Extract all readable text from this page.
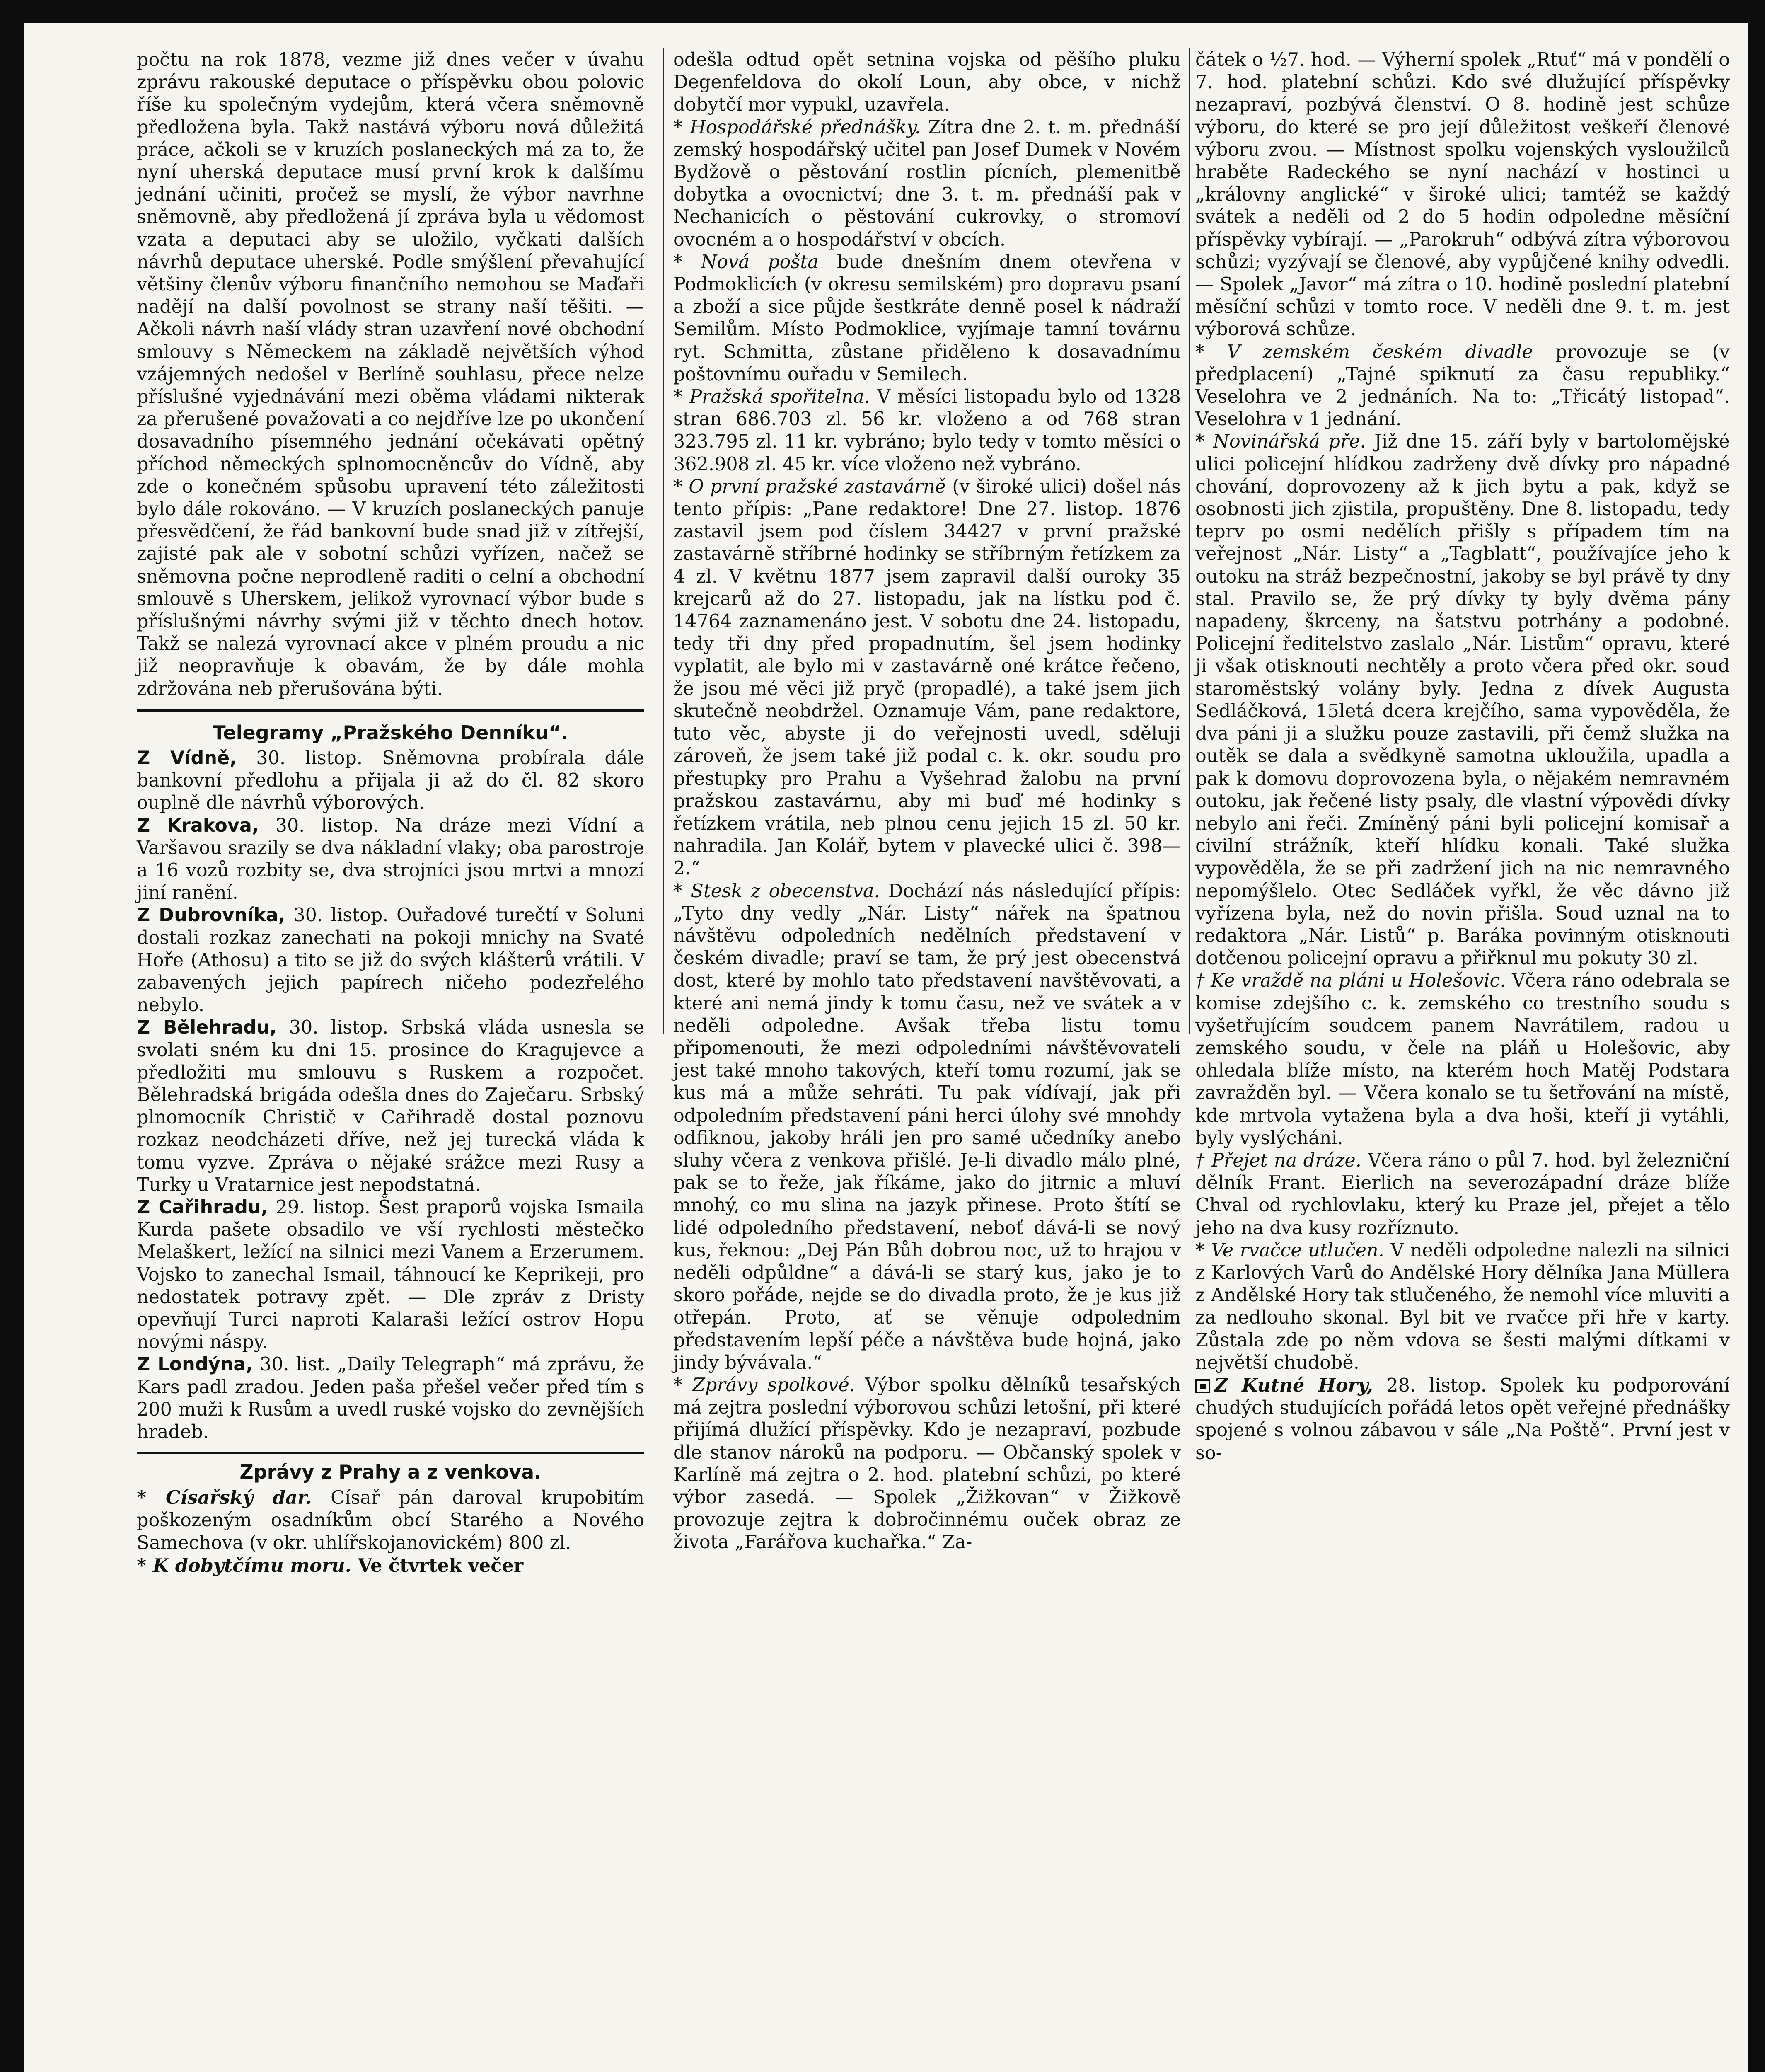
počtu na rok 1878, vezme již dnes večer v úvahu zprávu rakouské deputace o příspěvku obou polovic říše ku společným vydejům, která včera sněmovně předložena byla. Takž nastává výboru nová důležitá práce, ačkoli se v kruzích poslaneckých má za to, že nyní uherská deputace musí první krok k dalšímu jednání učiniti, pročež se myslí, že výbor navrhne sněmovně, aby předložená jí zpráva byla u vědomost vzata a deputaci aby se uložilo, vyčkati dalších návrhů deputace uherské. Podle smýšlení převahující většiny členův výboru finančního nemohou se Maďaři nadějí na další povolnost se strany naší těšiti. — Ačkoli návrh naší vlády stran uzavření nové obchodní smlouvy s Německem na základě největších výhod vzájemných nedošel v Berlíně souhlasu, přece nelze příslušné vyjednávání mezi oběma vládami nikterak za přerušené považovati a co nejdříve lze po ukončení dosavadního písemného jednání očekávati opětný příchod německých splnomocněncův do Vídně, aby zde o konečném spůsobu upravení této záležitosti bylo dále rokováno. — V kruzích poslaneckých panuje přesvědčení, že řád bankovní bude snad již v zítřejší, zajisté pak ale v sobotní schůzi vyřízen, načež se sněmovna počne neprodleně raditi o celní a obchodní smlouvě s Uherskem, jelikož vyrovnací výbor bude s příslušnými návrhy svými již v těchto dnech hotov. Takž se nalezá vyrovnací akce v plném proudu a nic již neopravňuje k obavám, že by dále mohla zdržována neb přerušována býti.

Telegramy „Pražského Denníku“.

Z Vídně, 30. listop. Sněmovna probírala dále bankovní předlohu a přijala ji až do čl. 82 skoro ouplně dle návrhů výborových.

Z Krakova, 30. listop. Na dráze mezi Vídní a Varšavou srazily se dva nákladní vlaky; oba parostroje a 16 vozů rozbity se, dva strojníci jsou mrtvi a mnozí jiní ranění.

Z Dubrovníka, 30. listop. Ouřadové turečtí v Soluni dostali rozkaz zanechati na pokoji mnichy na Svaté Hoře (Athosu) a tito se již do svých klášterů vrátili. V zabavených jejich papírech ničeho podezřelého nebylo.

Z Bělehradu, 30. listop. Srbská vláda usnesla se svolati sném ku dni 15. prosince do Kragujevce a předložiti mu smlouvu s Ruskem a rozpočet. Bělehradská brigáda odešla dnes do Zaječaru. Srbský plnomocník Christič v Cařihradě dostal poznovu rozkaz neodcházeti dříve, než jej turecká vláda k tomu vyzve. Zpráva o nějaké srážce mezi Rusy a Turky u Vratarnice jest nepodstatná.

Z Cařihradu, 29. listop. Šest praporů vojska Ismaila Kurda pašete obsadilo ve vší rychlosti městečko Melaškert, ležící na silnici mezi Vanem a Erzerumem. Vojsko to zanechal Ismail, táhnoucí ke Keprikeji, pro nedostatek potravy zpět. — Dle zpráv z Dristy opevňují Turci naproti Kalaraši ležící ostrov Hopu novými náspy.

Z Londýna, 30. list. „Daily Telegraph“ má zprávu, že Kars padl zradou. Jeden paša přešel večer před tím s 200 muži k Rusům a uvedl ruské vojsko do zevnějších hradeb.

Zprávy z Prahy a z venkova.

* Císařský dar. Císař pán daroval krupobitím poškozeným osadníkům obcí Starého a Nového Samechova (v okr. uhlířskojanovickém) 800 zl.

* K dobytčímu moru. Ve čtvrtek večer

odešla odtud opět setnina vojska od pěšího pluku Degenfeldova do okolí Loun, aby obce, v nichž dobytčí mor vypukl, uzavřela.

* Hospodářské přednášky. Zítra dne 2. t. m. přednáší zemský hospodářský učitel pan Josef Dumek v Novém Bydžově o pěstování rostlin pícních, plemenitbě dobytka a ovocnictví; dne 3. t. m. přednáší pak v Nechanicích o pěstování cukrovky, o stromoví ovocném a o hospodářství v obcích.

* Nová pošta bude dnešním dnem otevřena v Podmoklicích (v okresu semilském) pro dopravu psaní a zboží a sice půjde šestkráte denně posel k nádraží Semilům. Místo Podmoklice, vyjímaje tamní továrnu ryt. Schmitta, zůstane přiděleno k dosavadnímu poštovnímu ouřadu v Semilech.

* Pražská spořitelna. V měsíci listopadu bylo od 1328 stran 686.703 zl. 56 kr. vloženo a od 768 stran 323.795 zl. 11 kr. vybráno; bylo tedy v tomto měsíci o 362.908 zl. 45 kr. více vloženo než vybráno.

* O první pražské zastavárně (v široké ulici) došel nás tento přípis: „Pane redaktore! Dne 27. listop. 1876 zastavil jsem pod číslem 34427 v první pražské zastavárně stříbrné hodinky se stříbrným řetízkem za 4 zl. V květnu 1877 jsem zapravil další ouroky 35 krejcarů až do 27. listopadu, jak na lístku pod č. 14764 zaznamenáno jest. V sobotu dne 24. listopadu, tedy tři dny před propadnutím, šel jsem hodinky vyplatit, ale bylo mi v zastavárně oné krátce řečeno, že jsou mé věci již pryč (propadlé), a také jsem jich skutečně neobdržel. Oznamuje Vám, pane redaktore, tuto věc, abyste ji do veřejnosti uvedl, sděluji zároveň, že jsem také již podal c. k. okr. soudu pro přestupky pro Prahu a Vyšehrad žalobu na první pražskou zastavárnu, aby mi buď mé hodinky s řetízkem vrátila, neb plnou cenu jejich 15 zl. 50 kr. nahradila. Jan Kolář, bytem v plavecké ulici č. 398—2.“

* Stesk z obecenstva. Dochází nás následující přípis: „Tyto dny vedly „Nár. Listy“ nářek na špatnou návštěvu odpoledních nedělních představení v českém divadle; praví se tam, že prý jest obecenstvá dost, které by mohlo tato představení navštěvovati, a které ani nemá jindy k tomu času, než ve svátek a v neděli odpoledne. Avšak třeba listu tomu připomenouti, že mezi odpoledními návštěvovateli jest také mnoho takových, kteří tomu rozumí, jak se kus má a může sehráti. Tu pak vídívají, jak při odpoledním představení páni herci úlohy své mnohdy odfiknou, jakoby hráli jen pro samé učedníky anebo sluhy včera z venkova přišlé. Je-li divadlo málo plné, pak se to řeže, jak říkáme, jako do jitrnic a mluví mnohý, co mu slina na jazyk přinese. Proto štítí se lidé odpoledního představení, neboť dává-li se nový kus, řeknou: „Dej Pán Bůh dobrou noc, už to hrajou v neděli odpůldne“ a dává-li se starý kus, jako je to skoro pořáde, nejde se do divadla proto, že je kus již otřepán. Proto, ať se věnuje odpolednim představením lepší péče a návštěva bude hojná, jako jindy bývávala.“

* Zprávy spolkové. Výbor spolku dělníků tesařských má zejtra poslední výborovou schůzi letošní, při které přijímá dlužící příspěvky. Kdo je nezapraví, pozbude dle stanov nároků na podporu. — Občanský spolek v Karlíně má zejtra o 2. hod. platební schůzi, po které výbor zasedá. — Spolek „Žižkovan“ v Žižkově provozuje zejtra k dobročinnému ouček obraz ze života „Farářova kuchařka.“ Za-

čátek o ½7. hod. — Výherní spolek „Rtuť“ má v pondělí o 7. hod. platební schůzi. Kdo své dlužující příspěvky nezapraví, pozbývá členství. O 8. hodině jest schůze výboru, do které se pro její důležitost veškeří členové výboru zvou. — Místnost spolku vojenských vysloužilců hraběte Radeckého se nyní nachází v hostinci u „královny anglické“ v široké ulici; tamtéž se každý svátek a neděli od 2 do 5 hodin odpoledne měsíční příspěvky vybírají. — „Parokruh“ odbývá zítra výborovou schůzi; vyzývají se členové, aby vypůjčené knihy odvedli. — Spolek „Javor“ má zítra o 10. hodině poslední platební měsíční schůzi v tomto roce. V neděli dne 9. t. m. jest výborová schůze.

* V zemském českém divadle provozuje se (v předplacení) „Tajné spiknutí za času republiky.“ Veselohra ve 2 jednáních. Na to: „Třicátý listopad“. Veselohra v 1 jednání.

* Novinářská pře. Již dne 15. září byly v bartolomějské ulici policejní hlídkou zadrženy dvě dívky pro nápadné chování, doprovozeny až k jich bytu a pak, když se osobnosti jich zjistila, propuštěny. Dne 8. listopadu, tedy teprv po osmi nedělích přišly s případem tím na veřejnost „Nár. Listy“ a „Tagblatt“, používajíce jeho k outoku na stráž bezpečnostní, jakoby se byl právě ty dny stal. Pravilo se, že prý dívky ty byly dvěma pány napadeny, škrceny, na šatstvu potrhány a podobné. Policejní ředitelstvo zaslalo „Nár. Listům“ opravu, které ji však otisknouti nechtěly a proto včera před okr. soud staroměstský volány byly. Jedna z dívek Augusta Sedláčková, 15letá dcera krejčího, sama vypověděla, že dva páni ji a služku pouze zastavili, při čemž služka na outěk se dala a svědkyně samotna ukloužila, upadla a pak k domovu doprovozena byla, o nějakém nemravném outoku, jak řečené listy psaly, dle vlastní výpovědi dívky nebylo ani řeči. Zmíněný páni byli policejní komisař a civilní strážník, kteří hlídku konali. Také služka vypověděla, že se při zadržení jich na nic nemravného nepomýšlelo. Otec Sedláček vyřkl, že věc dávno již vyřízena byla, než do novin přišla. Soud uznal na to redaktora „Nár. Listů“ p. Baráka povinným otisknouti dotčenou policejní opravu a přiřknul mu pokuty 30 zl.

† Ke vraždě na pláni u Holešovic. Včera ráno odebrala se komise zdejšího c. k. zemského co trestního soudu s vyšetřujícím soudcem panem Navrátilem, radou u zemského soudu, v čele na pláň u Holešovic, aby ohledala blíže místo, na kterém hoch Matěj Podstara zavražděn byl. — Včera konalo se tu šetřování na místě, kde mrtvola vytažena byla a dva hoši, kteří ji vytáhli, byly vyslýcháni.

† Přejet na dráze. Včera ráno o půl 7. hod. byl železniční dělník Frant. Eierlich na severozápadní dráze blíže Chval od rychlovlaku, který ku Praze jel, přejet a tělo jeho na dva kusy rozříznuto.

* Ve rvačce utlučen. V neděli odpoledne nalezli na silnici z Karlových Varů do Andělské Hory dělníka Jana Müllera z Andělské Hory tak stlučeného, že nemohl více mluviti a za nedlouho skonal. Byl bit ve rvačce při hře v karty. Zůstala zde po něm vdova se šesti malými dítkami v největší chudobě.

Z Kutné Hory, 28. listop. Spolek ku podporování chudých studujících pořádá letos opět veřejné přednášky spojené s volnou zábavou v sále „Na Poště“. První jest v so-
